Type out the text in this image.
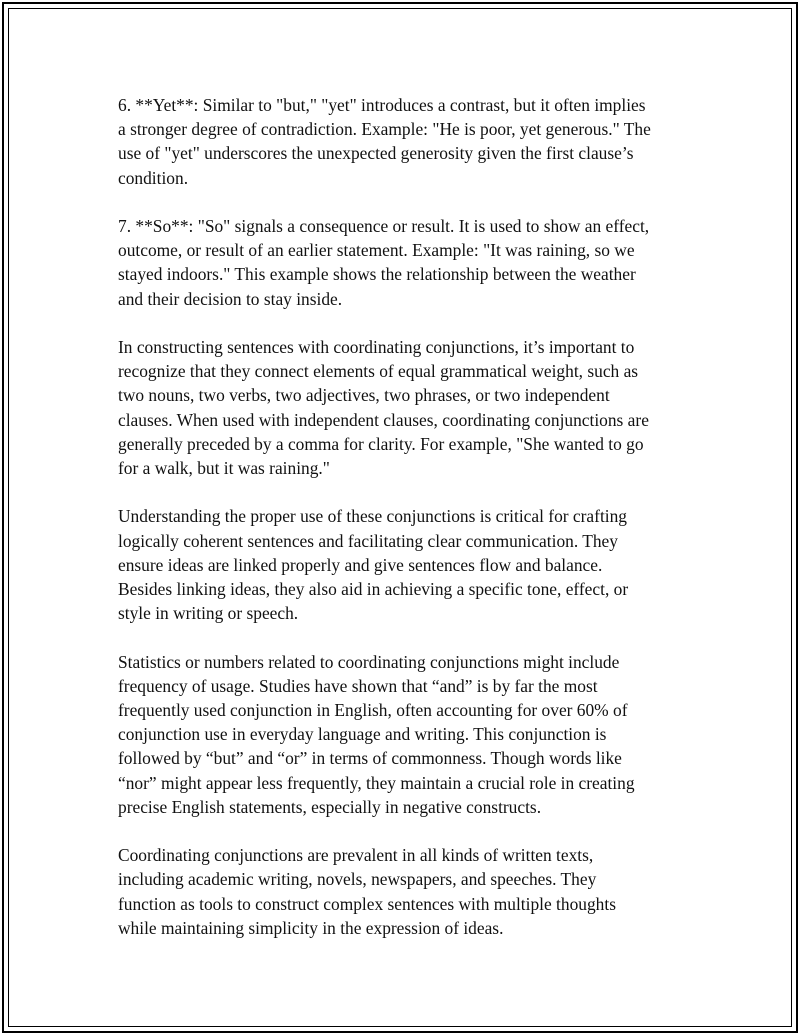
6. **Yet**: Similar to "but," "yet" introduces a contrast, but it often implies
a stronger degree of contradiction. Example: "He is poor, yet generous." The
use of "yet" underscores the unexpected generosity given the first clause’s
condition.

7. **So**: "So" signals a consequence or result. It is used to show an effect,
outcome, or result of an earlier statement. Example: "It was raining, so we
stayed indoors." This example shows the relationship between the weather
and their decision to stay inside.

In constructing sentences with coordinating conjunctions, it’s important to
recognize that they connect elements of equal grammatical weight, such as
two nouns, two verbs, two adjectives, two phrases, or two independent
clauses. When used with independent clauses, coordinating conjunctions are
generally preceded by a comma for clarity. For example, "She wanted to go
for a walk, but it was raining."

Understanding the proper use of these conjunctions is critical for crafting
logically coherent sentences and facilitating clear communication. They
ensure ideas are linked properly and give sentences flow and balance.
Besides linking ideas, they also aid in achieving a specific tone, effect, or
style in writing or speech.

Statistics or numbers related to coordinating conjunctions might include
frequency of usage. Studies have shown that “and” is by far the most
frequently used conjunction in English, often accounting for over 60% of
conjunction use in everyday language and writing. This conjunction is
followed by “but” and “or” in terms of commonness. Though words like
“nor” might appear less frequently, they maintain a crucial role in creating
precise English statements, especially in negative constructs.

Coordinating conjunctions are prevalent in all kinds of written texts,
including academic writing, novels, newspapers, and speeches. They
function as tools to construct complex sentences with multiple thoughts
while maintaining simplicity in the expression of ideas.
